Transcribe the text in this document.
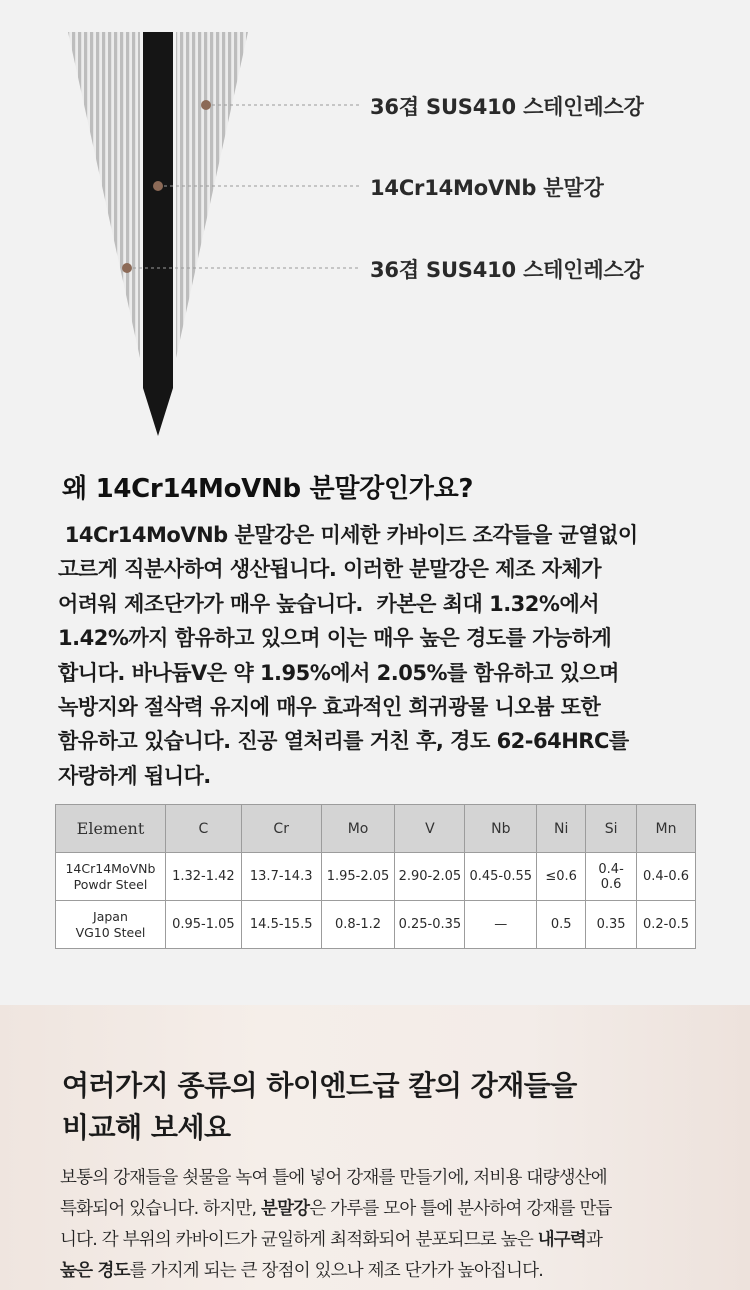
36겹 SUS410 스테인레스강
14Cr14MoVNb 분말강
36겹 SUS410 스테인레스강
왜 14Cr14MoVNb 분말강인가요?
14Cr14MoVNb 분말강은 미세한 카바이드 조각들을 균열없이
고르게 직분사하여 생산됩니다. 이러한 분말강은 제조 자체가
어려워 제조단가가 매우 높습니다.  카본은 최대 1.32%에서
1.42%까지 함유하고 있으며 이는 매우 높은 경도를 가능하게
합니다. 바나듐V은 약 1.95%에서 2.05%를 함유하고 있으며
녹방지와 절삭력 유지에 매우 효과적인 희귀광물 니오븀 또한
함유하고 있습니다. 진공 열처리를 거친 후, 경도 62-64HRC를
자랑하게 됩니다.
Element	C	Cr	Mo	V	Nb	Ni	Si	Mn

14Cr14MoVNb
Powdr Steel	1.32-1.42	13.7-14.3	1.95-2.05	2.90-2.05	0.45-0.55	≤0.6	0.4-0.6	0.4-0.6

Japan
VG10 Steel	0.95-1.05	14.5-15.5	0.8-1.2	0.25-0.35	—	0.5	0.35	0.2-0.5
여러가지 종류의 하이엔드급 칼의 강재들을
비교해 보세요
보통의 강재들을 쇳물을 녹여 틀에 넣어 강재를 만들기에, 저비용 대량생산에
특화되어 있습니다. 하지만, 분말강은 가루를 모아 틀에 분사하여 강재를 만듭
니다. 각 부위의 카바이드가 균일하게 최적화되어 분포되므로 높은 내구력과
높은 경도를 가지게 되는 큰 장점이 있으나 제조 단가가 높아집니다.
